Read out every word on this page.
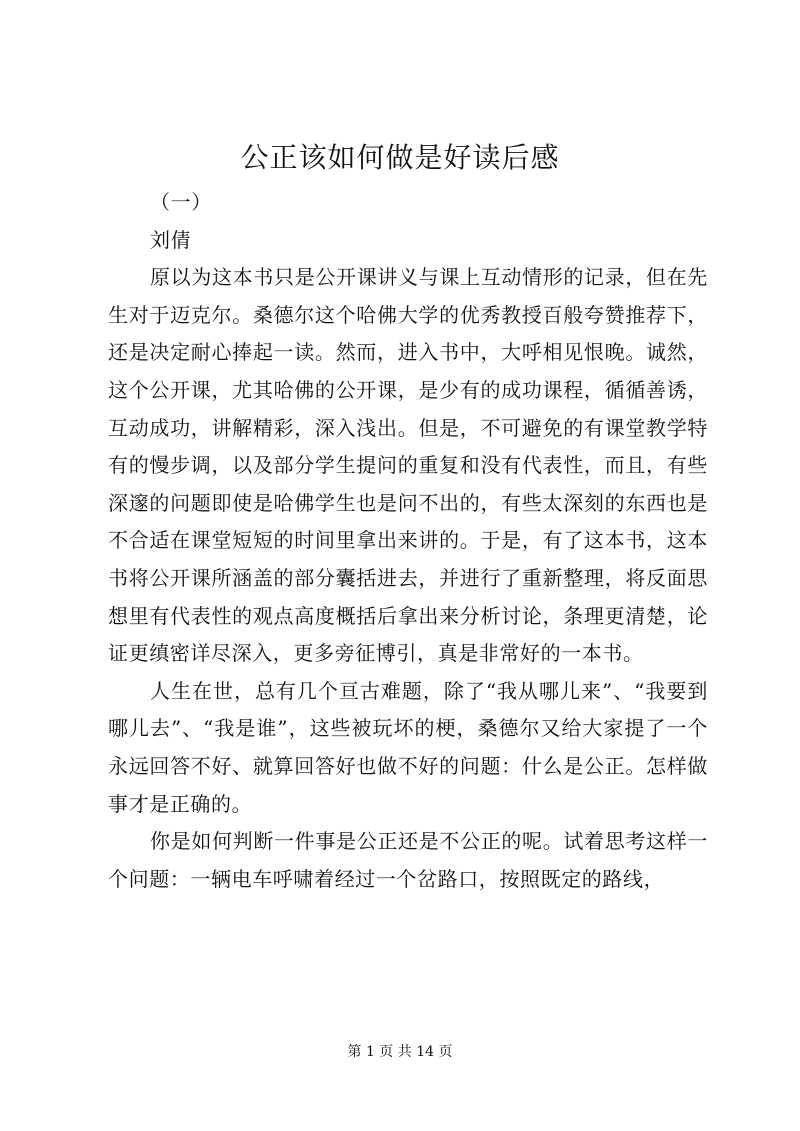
公正该如何做是好读后感

（一）

刘倩

原以为这本书只是公开课讲义与课上互动情形的记录，但在先生对于迈克尔。桑德尔这个哈佛大学的优秀教授百般夸赞推荐下，还是决定耐心捧起一读。然而，进入书中，大呼相见恨晚。诚然，这个公开课，尤其哈佛的公开课，是少有的成功课程，循循善诱，互动成功，讲解精彩，深入浅出。但是，不可避免的有课堂教学特有的慢步调，以及部分学生提问的重复和没有代表性，而且，有些深邃的问题即使是哈佛学生也是问不出的，有些太深刻的东西也是不合适在课堂短短的时间里拿出来讲的。于是，有了这本书，这本书将公开课所涵盖的部分囊括进去，并进行了重新整理，将反面思想里有代表性的观点高度概括后拿出来分析讨论，条理更清楚，论证更缜密详尽深入，更多旁征博引，真是非常好的一本书。

人生在世，总有几个亘古难题，除了“我从哪儿来”、“我要到哪儿去”、“我是谁”，这些被玩坏的梗，桑德尔又给大家提了一个永远回答不好、就算回答好也做不好的问题：什么是公正。怎样做事才是正确的。

你是如何判断一件事是公正还是不公正的呢。试着思考这样一个问题：一辆电车呼啸着经过一个岔路口，按照既定的路线，

第 1 页 共 14 页
